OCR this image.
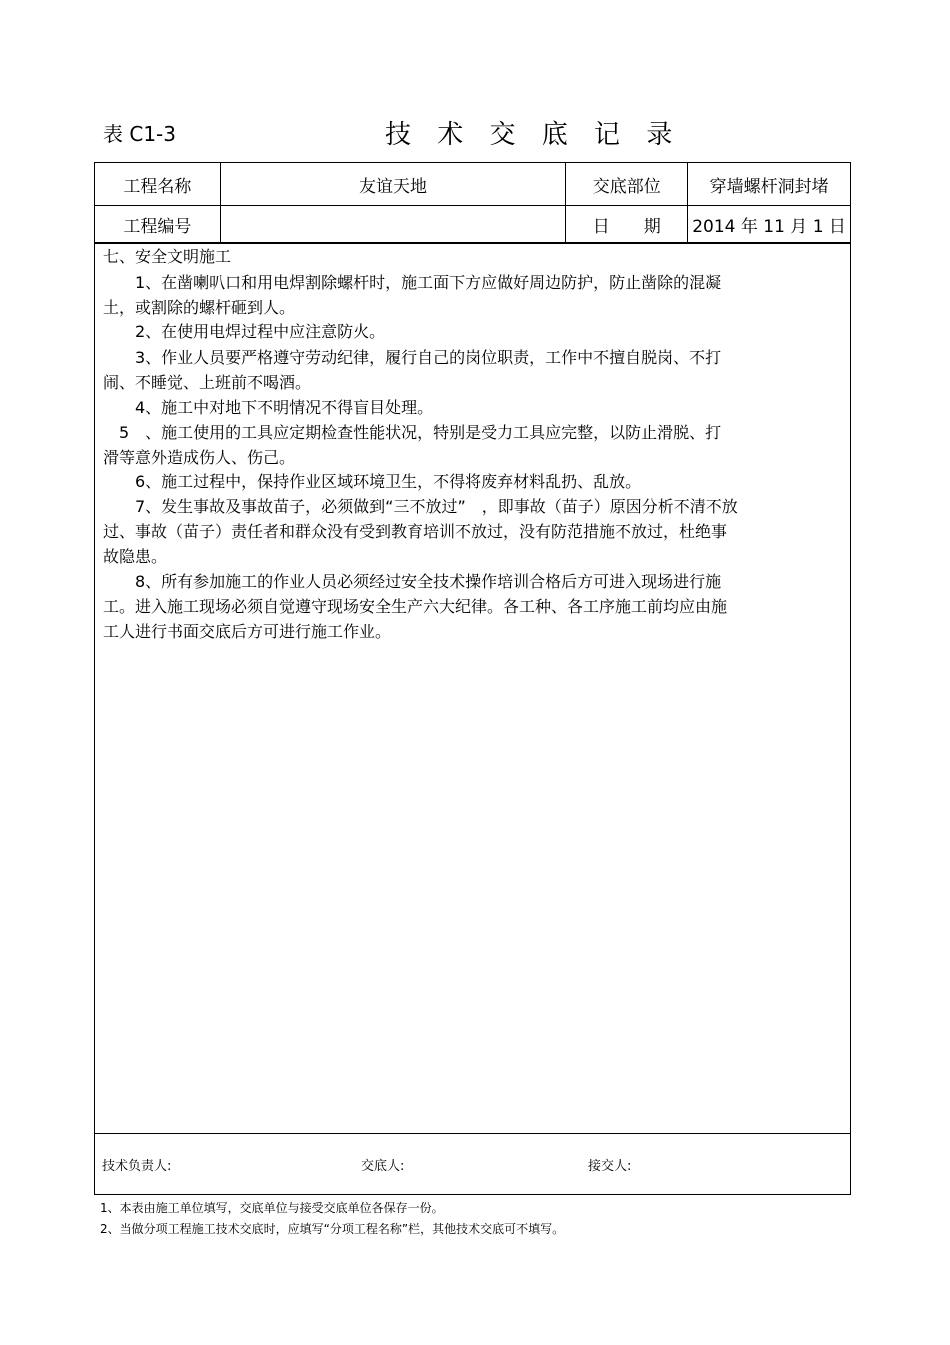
表 C1-3	技 术 交 底 记 录
工程名称	友谊天地	交底部位	穿墙螺杆洞封堵
工程编号		日　　期	2014 年 11 月 1 日
七、安全文明施工
　　1、在凿喇叭口和用电焊割除螺杆时，施工面下方应做好周边防护，防止凿除的混凝
土，或割除的螺杆砸到人。
　　2、在使用电焊过程中应注意防火。
　　3、作业人员要严格遵守劳动纪律，履行自己的岗位职责，工作中不擅自脱岗、不打
闹、不睡觉、上班前不喝酒。
　　4、施工中对地下不明情况不得盲目处理。
　5　、施工使用的工具应定期检查性能状况，特别是受力工具应完整，以防止滑脱、打
滑等意外造成伤人、伤己。
　　6、施工过程中，保持作业区域环境卫生，不得将废弃材料乱扔、乱放。
　　7、发生事故及事故苗子，必须做到“三不放过”　，即事故（苗子）原因分析不清不放
过、事故（苗子）责任者和群众没有受到教育培训不放过，没有防范措施不放过，杜绝事
故隐患。
　　8、所有参加施工的作业人员必须经过安全技术操作培训合格后方可进入现场进行施
工。进入施工现场必须自觉遵守现场安全生产六大纪律。各工种、各工序施工前均应由施
工人进行书面交底后方可进行施工作业。
技术负责人:	交底人:	接交人:
1、本表由施工单位填写，交底单位与接受交底单位各保存一份。
2、当做分项工程施工技术交底时，应填写“分项工程名称”栏，其他技术交底可不填写。
